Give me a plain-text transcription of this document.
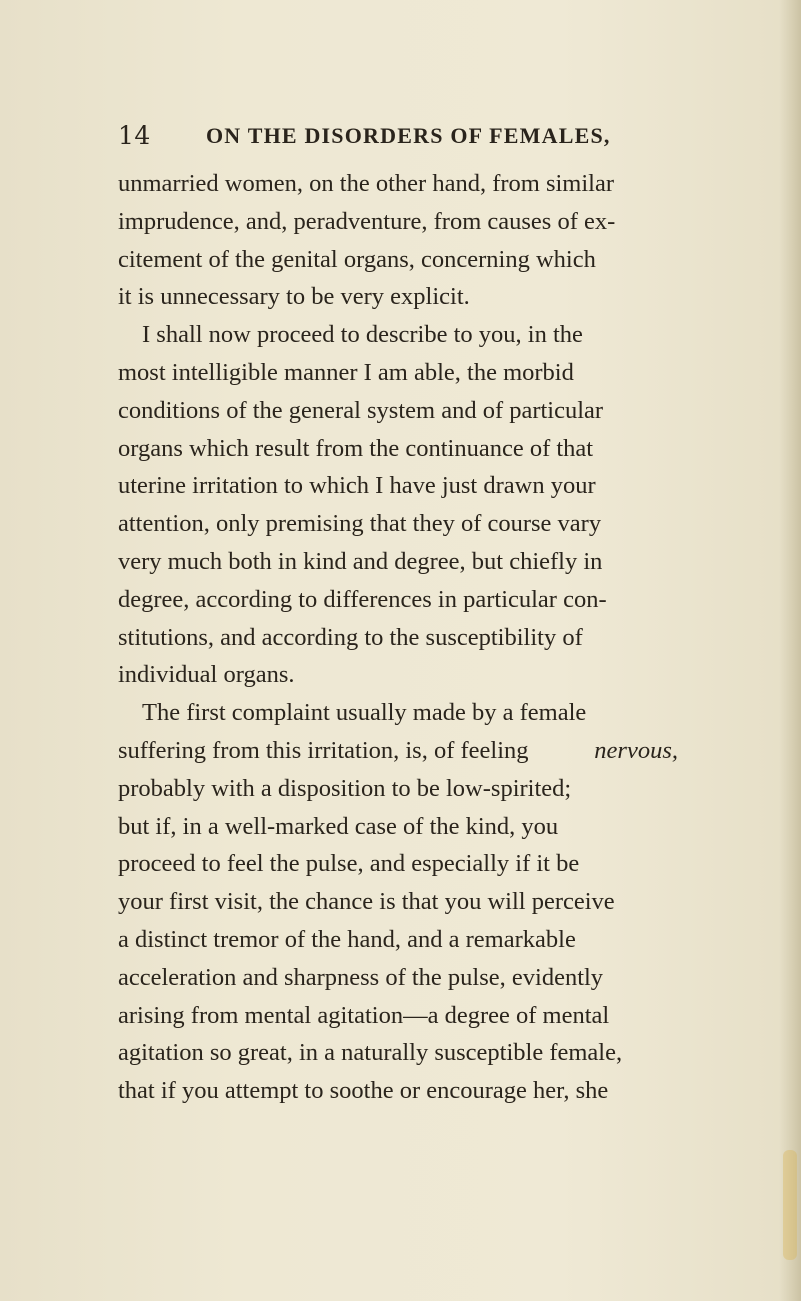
14	ON THE DISORDERS OF FEMALES,
unmarried women, on the other hand, from similar
imprudence, and, peradventure, from causes of ex-
citement of the genital organs, concerning which
it is unnecessary to be very explicit.
I shall now proceed to describe to you, in the
most intelligible manner I am able, the morbid
conditions of the general system and of particular
organs which result from the continuance of that
uterine irritation to which I have just drawn your
attention, only premising that they of course vary
very much both in kind and degree, but chiefly in
degree, according to differences in particular con-
stitutions, and according to the susceptibility of
individual organs.
The first complaint usually made by a female
suffering from this irritation, is, of feeling	nervous,
probably with a disposition to be low-spirited;
but if, in a well-marked case of the kind, you
proceed to feel the pulse, and especially if it be
your first visit, the chance is that you will perceive
a distinct tremor of the hand, and a remarkable
acceleration and sharpness of the pulse, evidently
arising from mental agitation—a degree of mental
agitation so great, in a naturally susceptible female,
that if you attempt to soothe or encourage her, she
